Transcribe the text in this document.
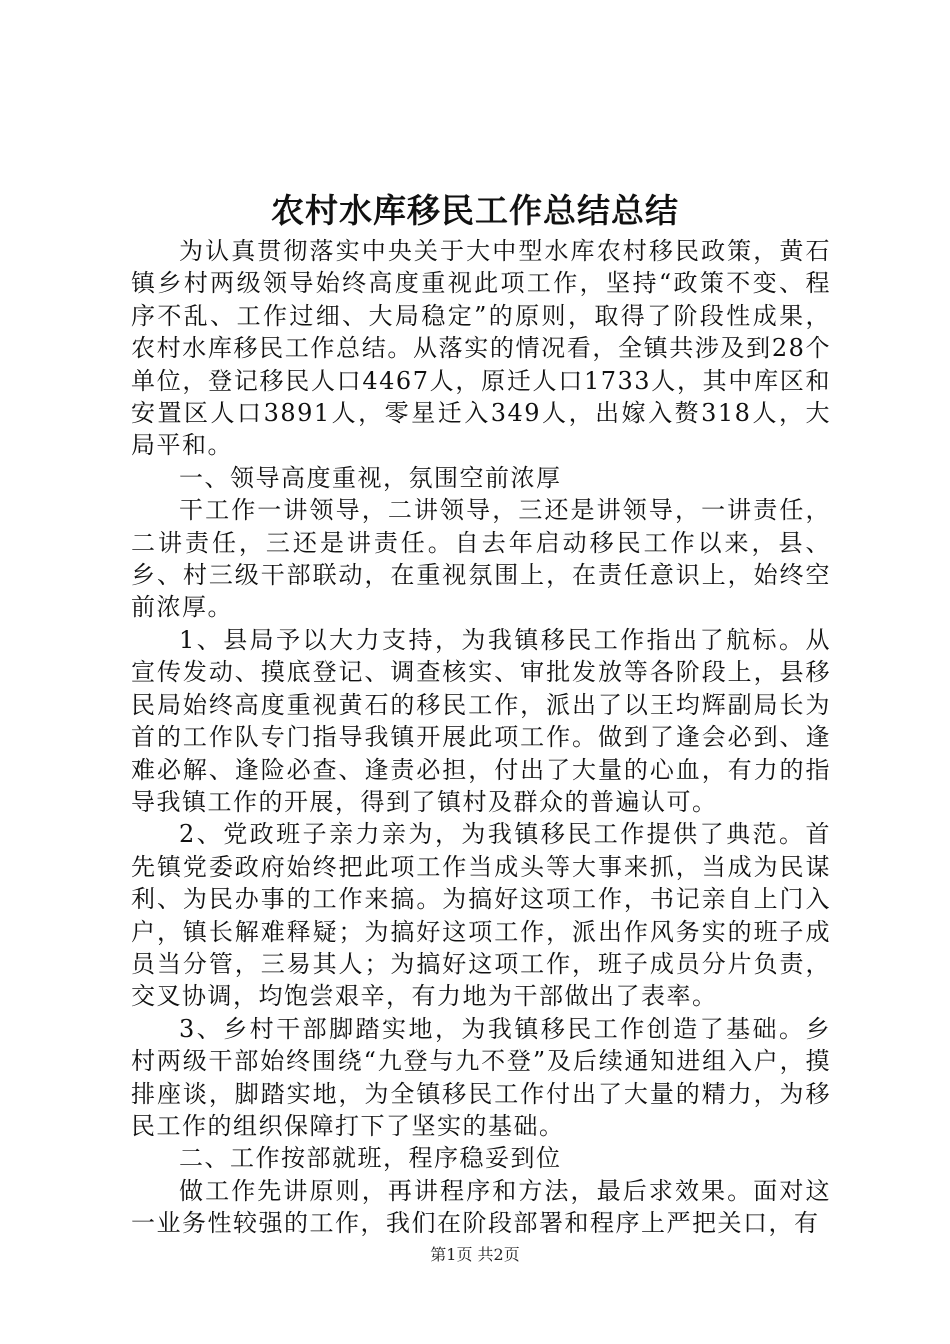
农村水库移民工作总结总结

为认真贯彻落实中央关于大中型水库农村移民政策，黄石镇乡村两级领导始终高度重视此项工作，坚持“政策不变、程序不乱、工作过细、大局稳定”的原则，取得了阶段性成果，农村水库移民工作总结。从落实的情况看，全镇共涉及到28个单位，登记移民人口4467人，原迁人口1733人，其中库区和安置区人口3891人，零星迁入349人，出嫁入赘318人，大局平和。

一、领导高度重视，氛围空前浓厚

干工作一讲领导，二讲领导，三还是讲领导，一讲责任，二讲责任，三还是讲责任。自去年启动移民工作以来，县、乡、村三级干部联动，在重视氛围上，在责任意识上，始终空前浓厚。

1、县局予以大力支持，为我镇移民工作指出了航标。从宣传发动、摸底登记、调查核实、审批发放等各阶段上，县移民局始终高度重视黄石的移民工作，派出了以王均辉副局长为首的工作队专门指导我镇开展此项工作。做到了逢会必到、逢难必解、逢险必查、逢责必担，付出了大量的心血，有力的指导我镇工作的开展，得到了镇村及群众的普遍认可。

2、党政班子亲力亲为，为我镇移民工作提供了典范。首先镇党委政府始终把此项工作当成头等大事来抓，当成为民谋利、为民办事的工作来搞。为搞好这项工作，书记亲自上门入户，镇长解难释疑；为搞好这项工作，派出作风务实的班子成员当分管，三易其人；为搞好这项工作，班子成员分片负责，交叉协调，均饱尝艰辛，有力地为干部做出了表率。

3、乡村干部脚踏实地，为我镇移民工作创造了基础。乡村两级干部始终围绕“九登与九不登”及后续通知进组入户，摸排座谈，脚踏实地，为全镇移民工作付出了大量的精力，为移民工作的组织保障打下了坚实的基础。

二、工作按部就班，程序稳妥到位

做工作先讲原则，再讲程序和方法，最后求效果。面对这一业务性较强的工作，我们在阶段部署和程序上严把关口，有

第1页 共2页
